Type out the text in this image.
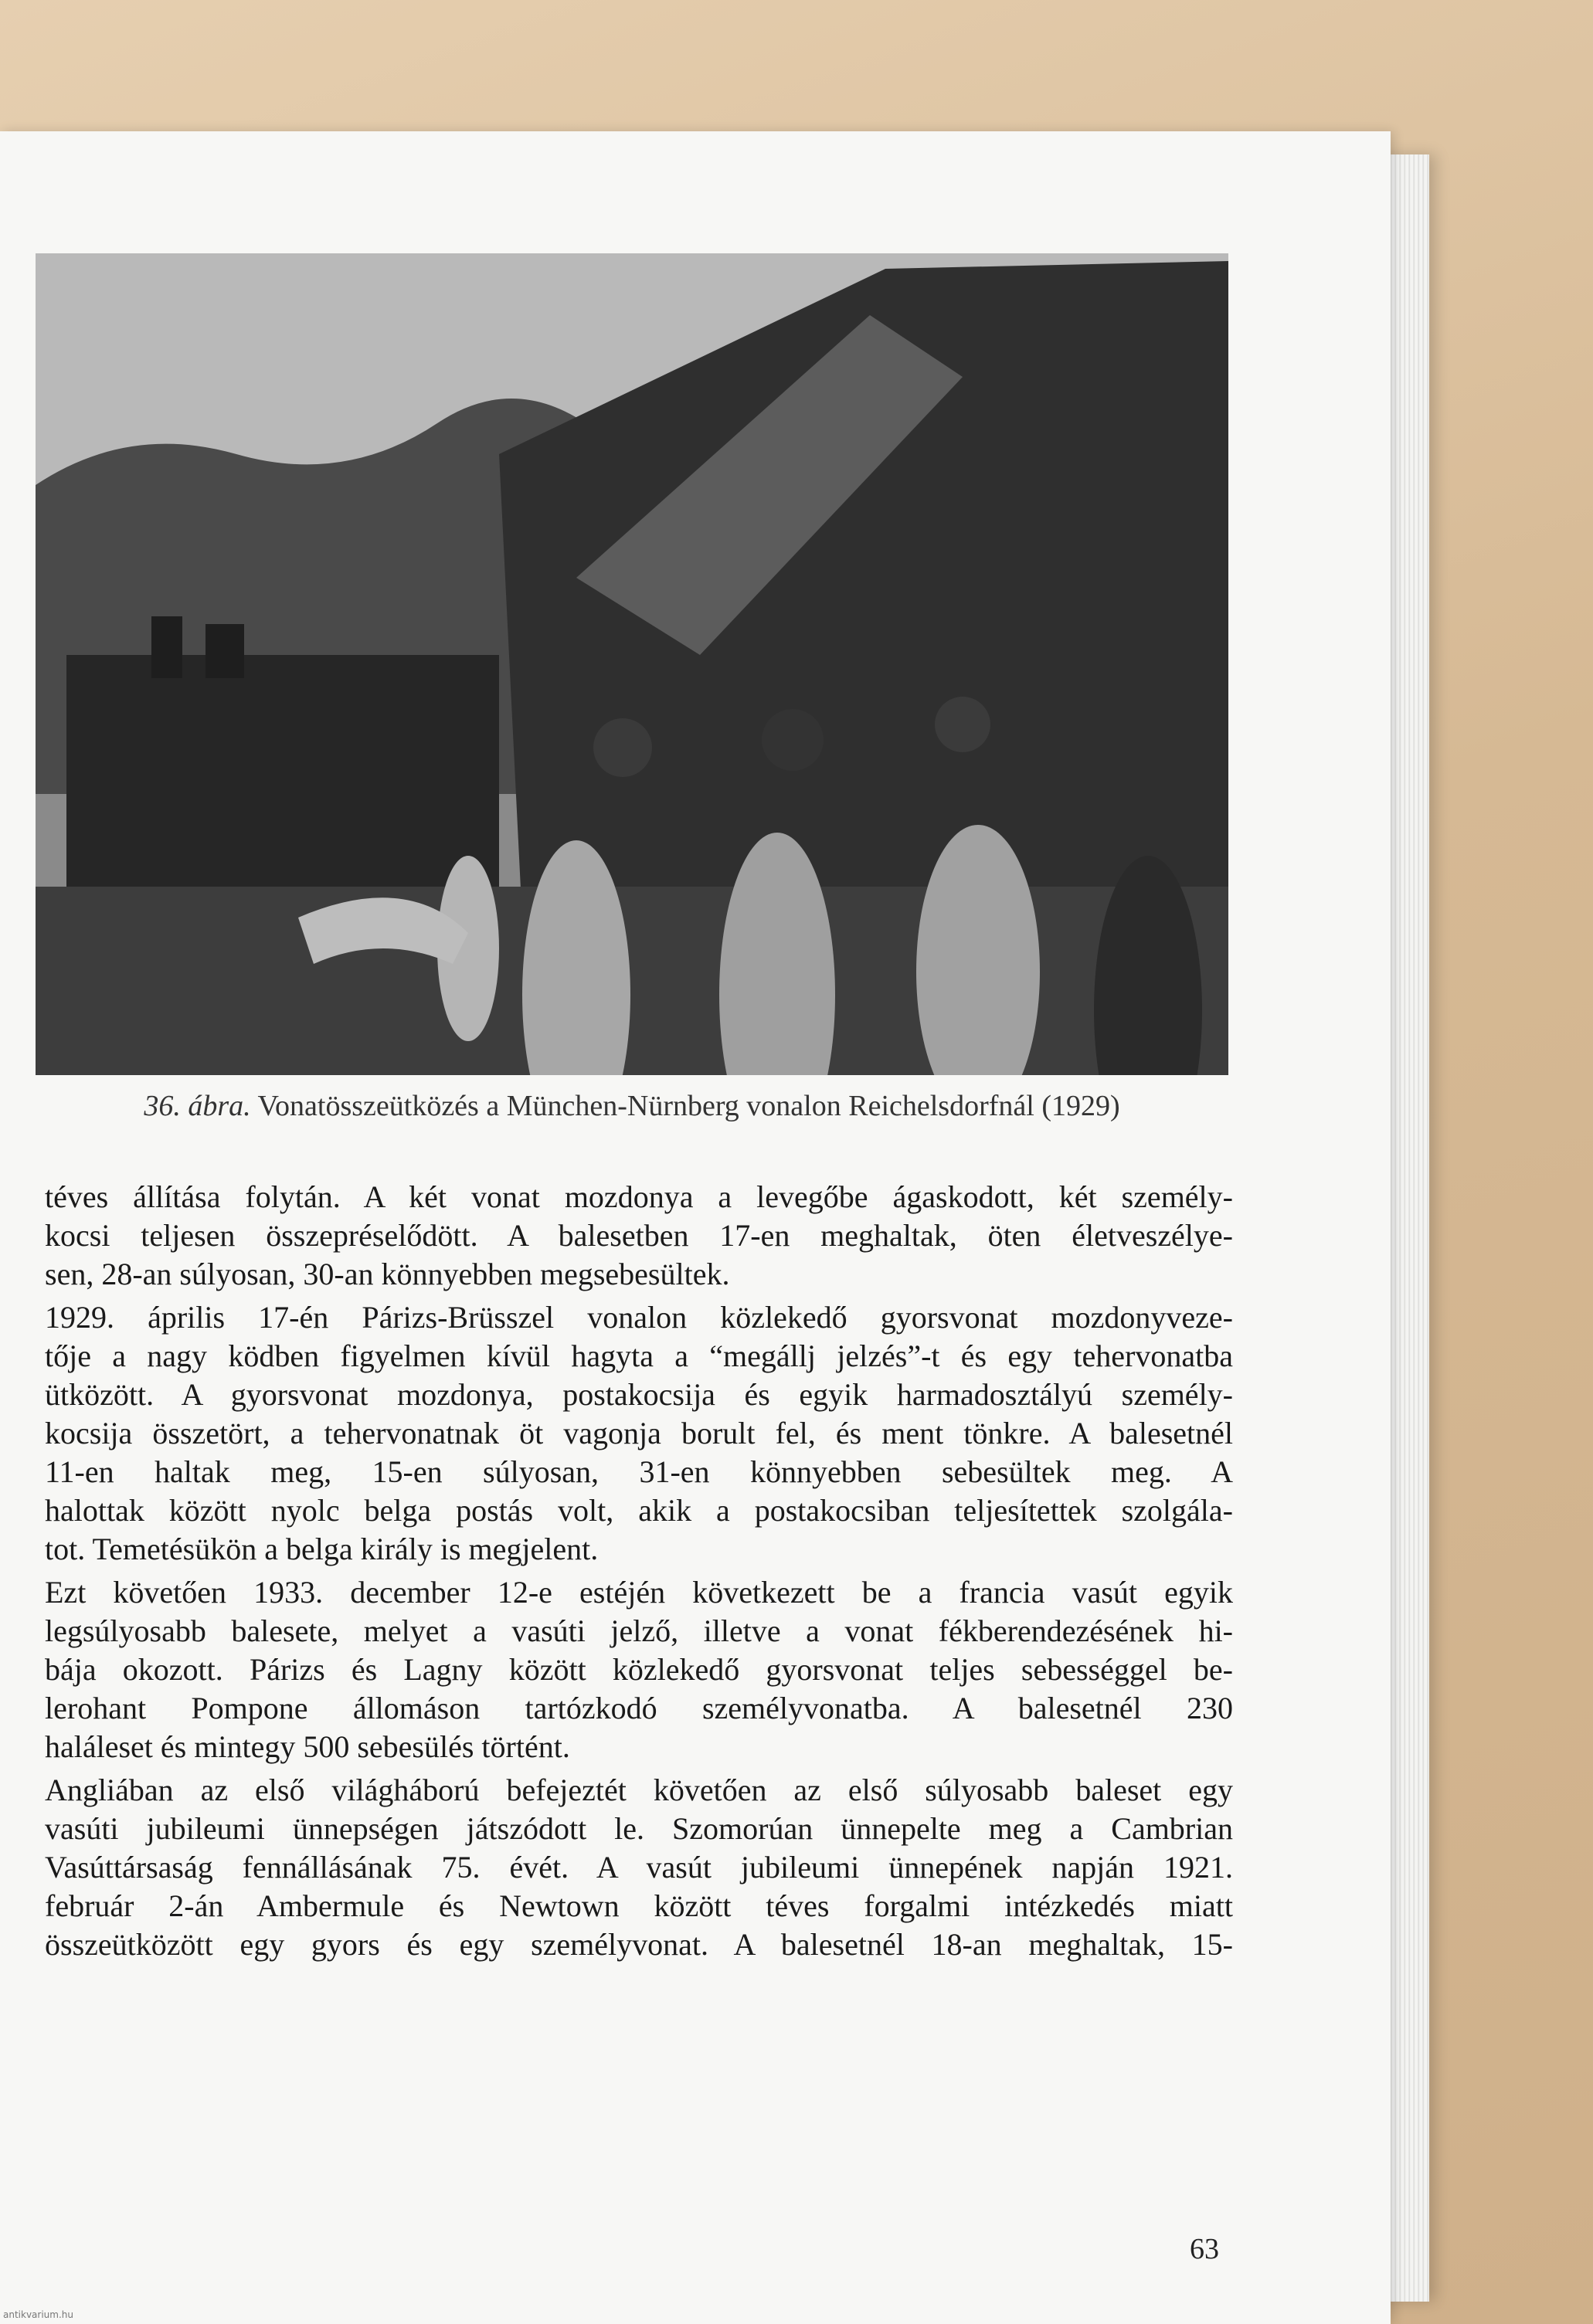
36. ábra. Vonatösszeütközés a München-Nürnberg vonalon Reichelsdorfnál (1929)
téves állítása folytán. A két vonat mozdonya a levegőbe ágaskodott, két személy-
kocsi teljesen összepréselődött. A balesetben 17-en meghaltak, öten életveszélye-
sen, 28-an súlyosan, 30-an könnyebben megsebesültek.
1929. április 17-én Párizs-Brüsszel vonalon közlekedő gyorsvonat mozdonyveze-
tője a nagy ködben figyelmen kívül hagyta a “megállj jelzés”-t és egy tehervonatba
ütközött. A gyorsvonat mozdonya, postakocsija és egyik harmadosztályú személy-
kocsija összetört, a tehervonatnak öt vagonja borult fel, és ment tönkre. A balesetnél
11-en haltak meg, 15-en súlyosan, 31-en könnyebben sebesültek meg. A
halottak között nyolc belga postás volt, akik a postakocsiban teljesítettek szolgála-
tot. Temetésükön a belga király is megjelent.
Ezt követően 1933. december 12-e estéjén következett be a francia vasút egyik
legsúlyosabb balesete, melyet a vasúti jelző, illetve a vonat fékberendezésének hi-
bája okozott. Párizs és Lagny között közlekedő gyorsvonat teljes sebességgel be-
lerohant Pompone állomáson tartózkodó személyvonatba. A balesetnél 230
haláleset és mintegy 500 sebesülés történt.
Angliában az első világháború befejeztét követően az első súlyosabb baleset egy
vasúti jubileumi ünnepségen játszódott le. Szomorúan ünnepelte meg a Cambrian
Vasúttársaság fennállásának 75. évét. A vasút jubileumi ünnepének napján 1921.
február 2-án Ambermule és Newtown között téves forgalmi intézkedés miatt
összeütközött egy gyors és egy személyvonat. A balesetnél 18-an meghaltak, 15-
63
antikvarium.hu
